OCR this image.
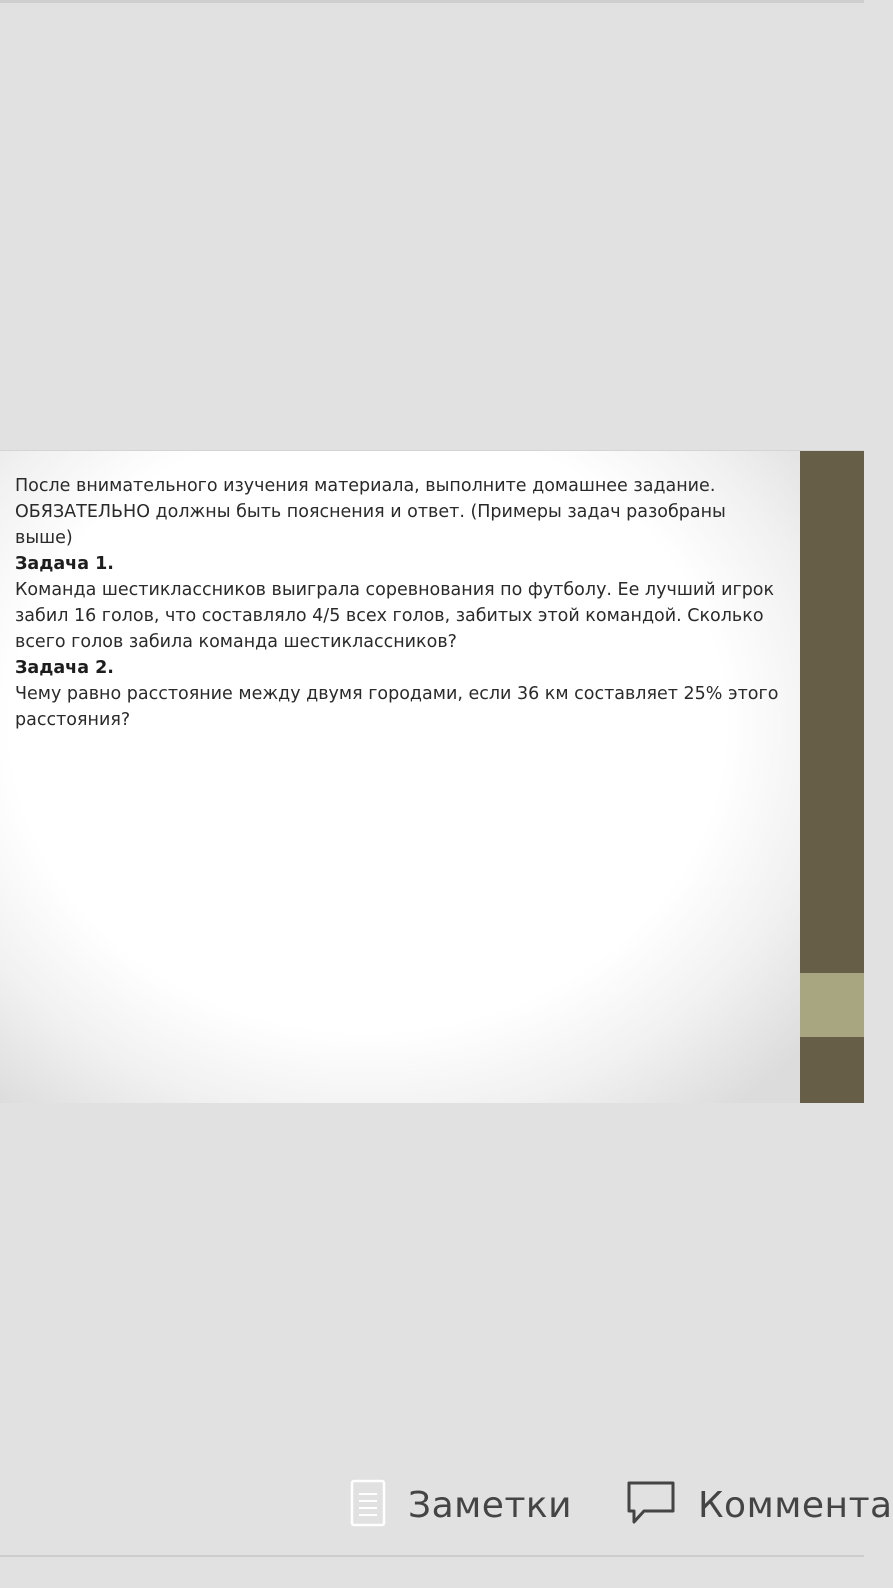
После внимательного изучения материала, выполните домашнее задание. ОБЯЗАТЕЛЬНО должны быть пояснения и ответ. (Примеры задач разобраны выше)
Задача 1.
Команда шестиклассников выиграла соревнования по футболу. Ее лучший игрок забил 16 голов, что составляло 4/5 всех голов, забитых этой командой. Сколько всего голов забила команда шестиклассников?
Задача 2.
Чему равно расстояние между двумя городами, если 36 км составляет 25% этого расстояния?
Заметки	Коммента
